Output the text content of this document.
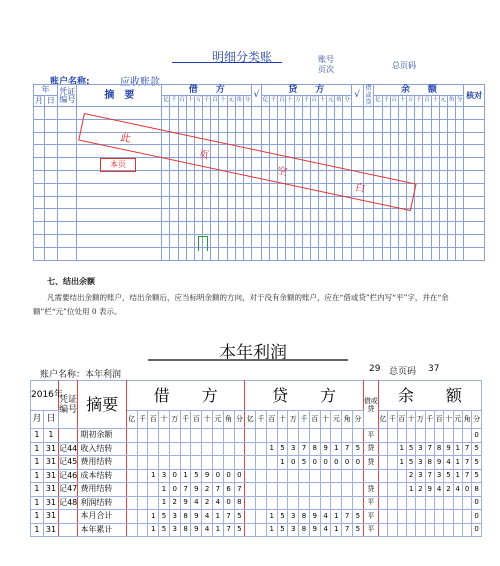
明细分类账	账号
页次	总页码
账户名称:	应收账款
年		凭证编号	摘　要	借　　方											√	贷　　方											√	借或贷	余　　额											核对
月	日			亿	千	百	十	万	千	百	十	元	角	分		亿	千	百	十	万	千	百	十	元	角	分			亿	千	百	十	万	千	百	十	元	角	分	

此
页
空
白
本页
七、结出余额
凡需要结出余额的账户，结出余额后，应当标明余额的方向，对于没有余额的账户，应在“借或贷”栏内写“平”字，并在“余
额”栏“元”位处用 0 表示。
本年利润
账户名称：本年利润
29 总页码 37
2016年		凭证编号	摘要	借　　方											贷　　方											借或贷	余　　额										
月	日			亿	千	百	十	万	千	百	十	元	角	分	亿	千	百	十	万	千	百	十	元	角	分		亿	千	百	十	万	千	百	十	元	角	分
1	1		期初余额																							平											0
1	31	记44	收入结转														1	5	3	7	8	9	1	7	5	贷			1	5	3	7	8	9	1	7	5
1	31	记45	费用结转															1	0	5	0	0	0	0	0	贷			1	5	3	8	9	4	1	7	5
1	31	记46	成本结转			1	3	0	1	5	9	0	0	0																2	3	7	3	5	1	7	5
1	31	记47	费用结转				1	0	7	9	2	7	6	7												贷				1	2	9	4	2	4	0	8
1	31	记48	利润结转				1	2	9	4	2	4	0	8												平											0
1	31		本月合计			1	5	3	8	9	4	1	7	5			1	5	3	8	9	4	1	7	5	平											0
1	31		本年累计			1	5	3	8	9	4	1	7	5			1	5	3	8	9	4	1	7	5	平											0
